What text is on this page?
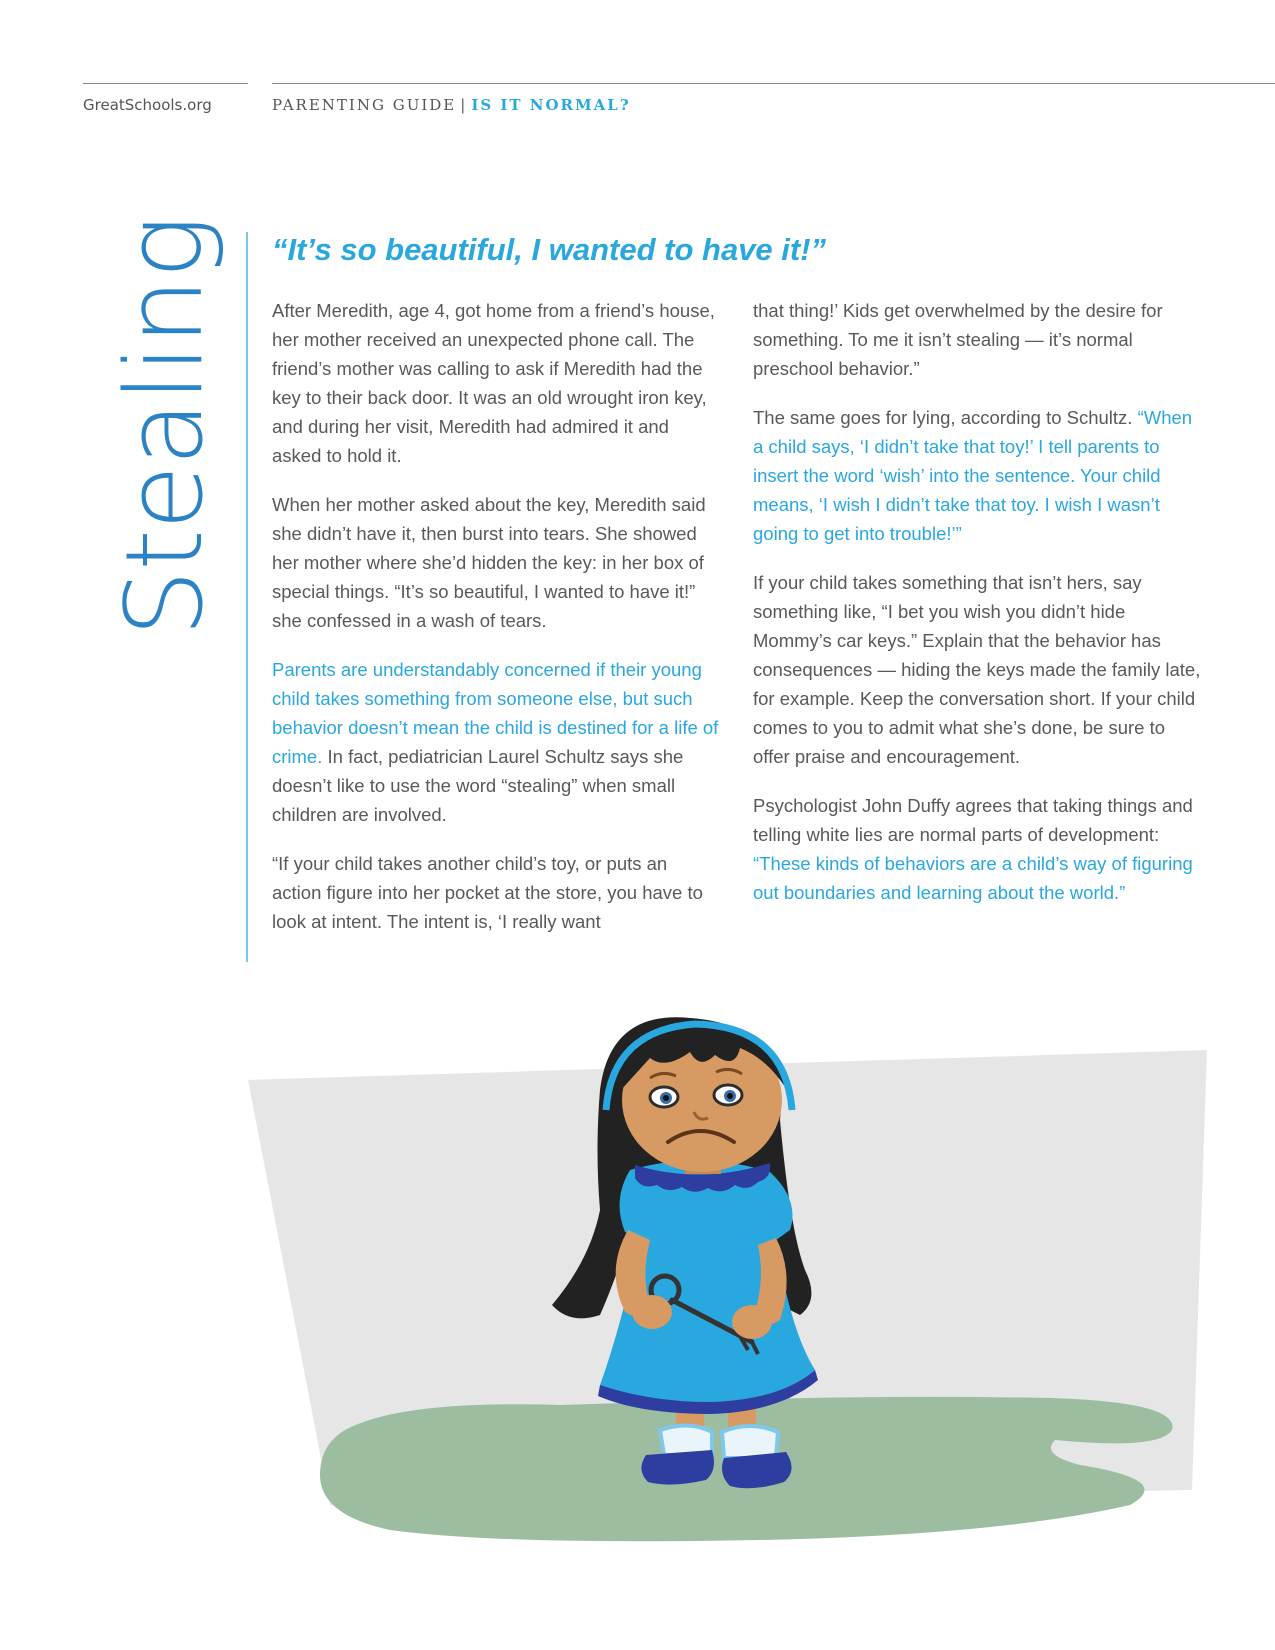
GreatSchools.org	PARENTING GUIDE | IS IT NORMAL?
Stealing “It’s so beautiful, I wanted to have it!”

After Meredith, age 4, got home from a friend’s house, her mother received an unexpected phone call. The friend’s mother was calling to ask if Meredith had the key to their back door. It was an old wrought iron key, and during her visit, Meredith had admired it and asked to hold it.

When her mother asked about the key, Meredith said she didn’t have it, then burst into tears. She showed her mother where she’d hidden the key: in her box of special things. “It’s so beautiful, I wanted to have it!” she confessed in a wash of tears.

Parents are understandably concerned if their young child takes something from someone else, but such behavior doesn’t mean the child is destined for a life of crime. In fact, pediatrician Laurel Schultz says she doesn’t like to use the word “stealing” when small children are involved.

“If your child takes another child’s toy, or puts an action figure into her pocket at the store, you have to look at intent. The intent is, ‘I really want

that thing!’ Kids get overwhelmed by the desire for something. To me it isn’t stealing — it’s normal preschool behavior.”

The same goes for lying, according to Schultz. “When a child says, ‘I didn’t take that toy!’ I tell parents to insert the word ‘wish’ into the sentence. Your child means, ‘I wish I didn’t take that toy. I wish I wasn’t going to get into trouble!’”

If your child takes something that isn’t hers, say something like, “I bet you wish you didn’t hide Mommy’s car keys.” Explain that the behavior has consequences — hiding the keys made the family late, for example. Keep the conversation short. If your child comes to you to admit what she’s done, be sure to offer praise and encouragement.

Psychologist John Duffy agrees that taking things and telling white lies are normal parts of development: “These kinds of behaviors are a child’s way of figuring out boundaries and learning about the world.”
